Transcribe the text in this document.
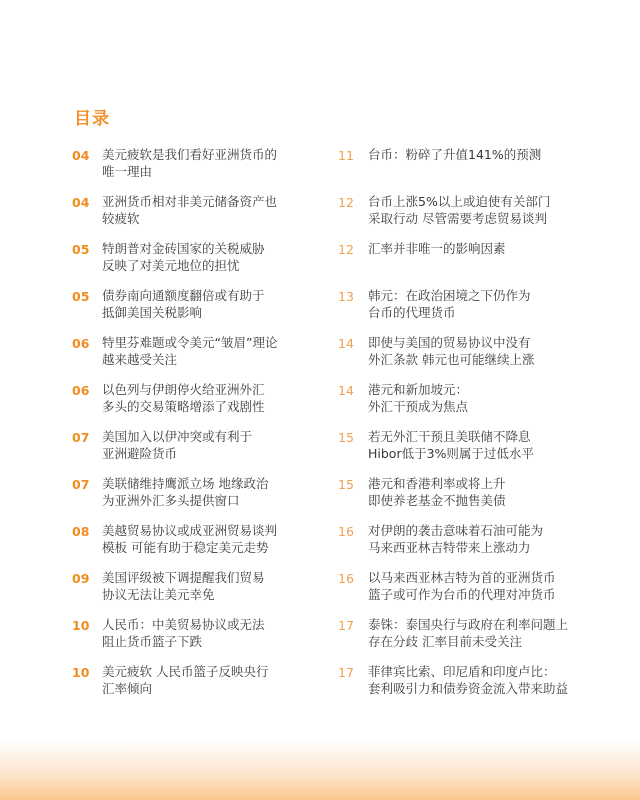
目录
04	美元疲软是我们看好亚洲货币的
唯一理由
04	亚洲货币相对非美元储备资产也
较疲软
05	特朗普对金砖国家的关税威胁
反映了对美元地位的担忧
05	债券南向通额度翻倍或有助于
抵御美国关税影响
06	特里芬难题或令美元“皱眉”理论
越来越受关注
06	以色列与伊朗停火给亚洲外汇
多头的交易策略增添了戏剧性
07	美国加入以伊冲突或有利于
亚洲避险货币
07	美联储维持鹰派立场 地缘政治
为亚洲外汇多头提供窗口
08	美越贸易协议或成亚洲贸易谈判
模板 可能有助于稳定美元走势
09	美国评级被下调提醒我们贸易
协议无法让美元幸免
10	人民币：中美贸易协议或无法
阻止货币篮子下跌
10	美元疲软 人民币篮子反映央行
汇率倾向
11	台币：粉碎了升值141%的预测
12	台币上涨5%以上或迫使有关部门
采取行动 尽管需要考虑贸易谈判
12	汇率并非唯一的影响因素
13	韩元：在政治困境之下仍作为
台币的代理货币
14	即使与美国的贸易协议中没有
外汇条款 韩元也可能继续上涨
14	港元和新加坡元：
外汇干预成为焦点
15	若无外汇干预且美联储不降息
Hibor低于3%则属于过低水平
15	港元和香港利率或将上升
即使养老基金不抛售美债
16	对伊朗的袭击意味着石油可能为
马来西亚林吉特带来上涨动力
16	以马来西亚林吉特为首的亚洲货币
篮子或可作为台币的代理对冲货币
17	泰铢：泰国央行与政府在利率问题上
存在分歧 汇率目前未受关注
17	菲律宾比索、印尼盾和印度卢比：
套利吸引力和债券资金流入带来助益
